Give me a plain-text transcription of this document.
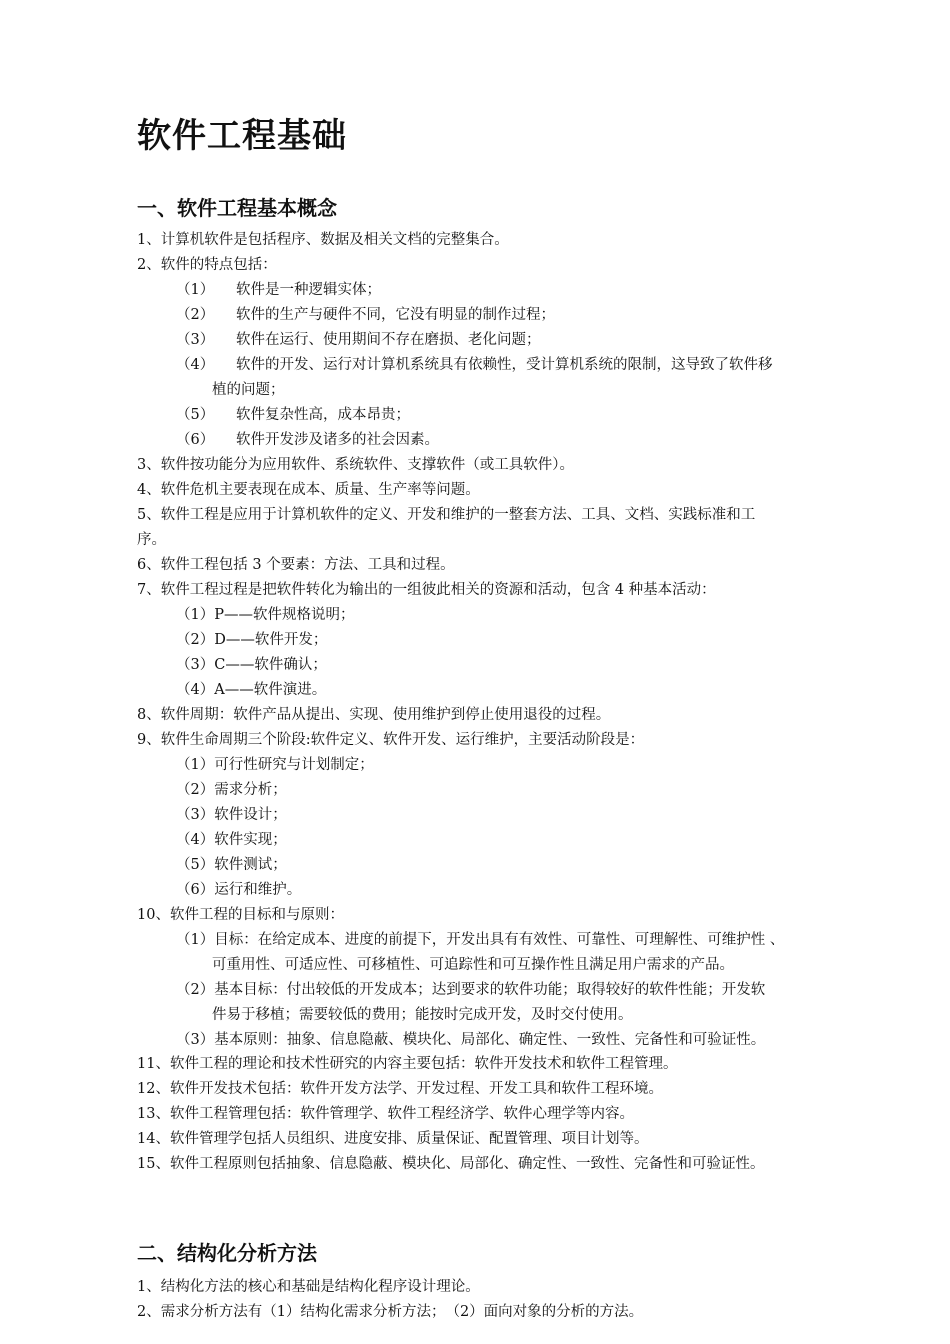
软件工程基础
一、软件工程基本概念
1、计算机软件是包括程序、数据及相关文档的完整集合。
2、软件的特点包括：
（1） 软件是一种逻辑实体；
（2） 软件的生产与硬件不同，它没有明显的制作过程；
（3） 软件在运行、使用期间不存在磨损、老化问题；
（4） 软件的开发、运行对计算机系统具有依赖性，受计算机系统的限制，这导致了软件移
植的问题；
（5） 软件复杂性高，成本昂贵；
（6） 软件开发涉及诸多的社会因素。
3、软件按功能分为应用软件、系统软件、支撑软件（或工具软件）。
4、软件危机主要表现在成本、质量、生产率等问题。
5、软件工程是应用于计算机软件的定义、开发和维护的一整套方法、工具、文档、实践标准和工
序。
6、软件工程包括 3 个要素：方法、工具和过程。
7、软件工程过程是把软件转化为输出的一组彼此相关的资源和活动，包含 4 种基本活动：
（1）P——软件规格说明；
（2）D——软件开发；
（3）C——软件确认；
（4）A——软件演进。
8、软件周期：软件产品从提出、实现、使用维护到停止使用退役的过程。
9、软件生命周期三个阶段:软件定义、软件开发、运行维护，主要活动阶段是：
（1）可行性研究与计划制定；
（2）需求分析；
（3）软件设计；
（4）软件实现；
（5）软件测试；
（6）运行和维护。
10、软件工程的目标和与原则：
（1）目标：在给定成本、进度的前提下，开发出具有有效性、可靠性、可理解性、可维护性 、
可重用性、可适应性、可移植性、可追踪性和可互操作性且满足用户需求的产品。
（2）基本目标：付出较低的开发成本；达到要求的软件功能；取得较好的软件性能；开发软
件易于移植；需要较低的费用；能按时完成开发，及时交付使用。
（3）基本原则：抽象、信息隐蔽、模块化、局部化、确定性、一致性、完备性和可验证性。
11、软件工程的理论和技术性研究的内容主要包括：软件开发技术和软件工程管理。
12、软件开发技术包括：软件开发方法学、开发过程、开发工具和软件工程环境。
13、软件工程管理包括：软件管理学、软件工程经济学、软件心理学等内容。
14、软件管理学包括人员组织、进度安排、质量保证、配置管理、项目计划等。
15、软件工程原则包括抽象、信息隐蔽、模块化、局部化、确定性、一致性、完备性和可验证性。
二、结构化分析方法
1、结构化方法的核心和基础是结构化程序设计理论。
2、需求分析方法有（1）结构化需求分析方法；　（2）面向对象的分析的方法。
